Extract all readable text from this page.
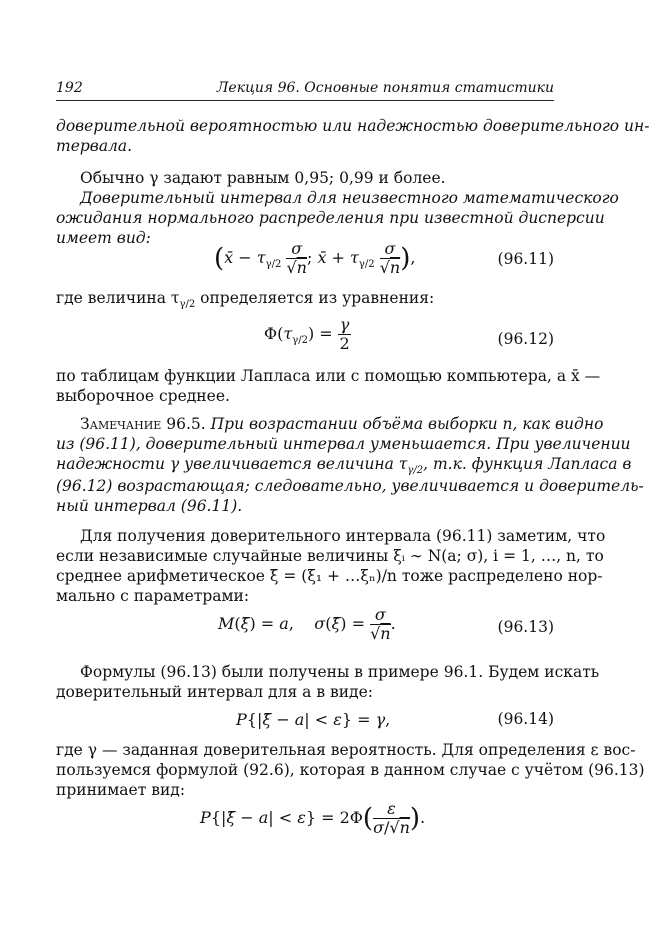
192	Лекция 96. Основные понятия статистики
доверительной вероятностью или надежностью доверительного ин-
тервала.
Обычно γ задают равным 0,95; 0,99 и более.
Доверительный интервал для неизвестного математического
ожидания нормального распределения при известной дисперсии
имеет вид:
(x̄ − $\tau_{\gamma/2} \frac{\sigma}{√n}$ ; x̄ + $\tau_{\gamma/2} \frac{\sigma}{√n}$ ),	(96.11)
где величина $\tau_{\gamma/2}$ определяется из уравнения:
$\Phi(\tau_{\gamma/2}) = \frac{\gamma}{2}$	(96.12)
по таблицам функции Лапласа или с помощью компьютера, а x̄ —
выборочное среднее.
Замечание 96.5. При возрастании объёма выборки n, как видно
из (96.11), доверительный интервал уменьшается. При увеличении
надежности γ увеличивается величина $\tau_{\gamma/2}$, т.к. функция Лапласа в
(96.12) возрастающая; следовательно, увеличивается и доверитель-
ный интервал (96.11).
Для получения доверительного интервала (96.11) заметим, что
если независимые случайные величины ξᵢ ∼ N(a; σ), i = 1, …, n, то
среднее арифметическое ξ̄ = (ξ₁ + …ξₙ)/n тоже распределено нор-
мально с параметрами:
M(ξ̄) = a,    σ(ξ̄) = $\frac{\sigma}{√n}$ .	(96.13)
Формулы (96.13) были получены в примере 96.1. Будем искать
доверительный интервал для a в виде:
P{|ξ̄ − a| < ε} = γ,	(96.14)
где γ — заданная доверительная вероятность. Для определения ε вос-
пользуемся формулой (92.6), которая в данном случае с учётом (96.13)
принимает вид:
P{|ξ̄ − $a| < \varepsilon\} = 2\Phi( \frac{\varepsilon}{\sigma/√n}$ ).
